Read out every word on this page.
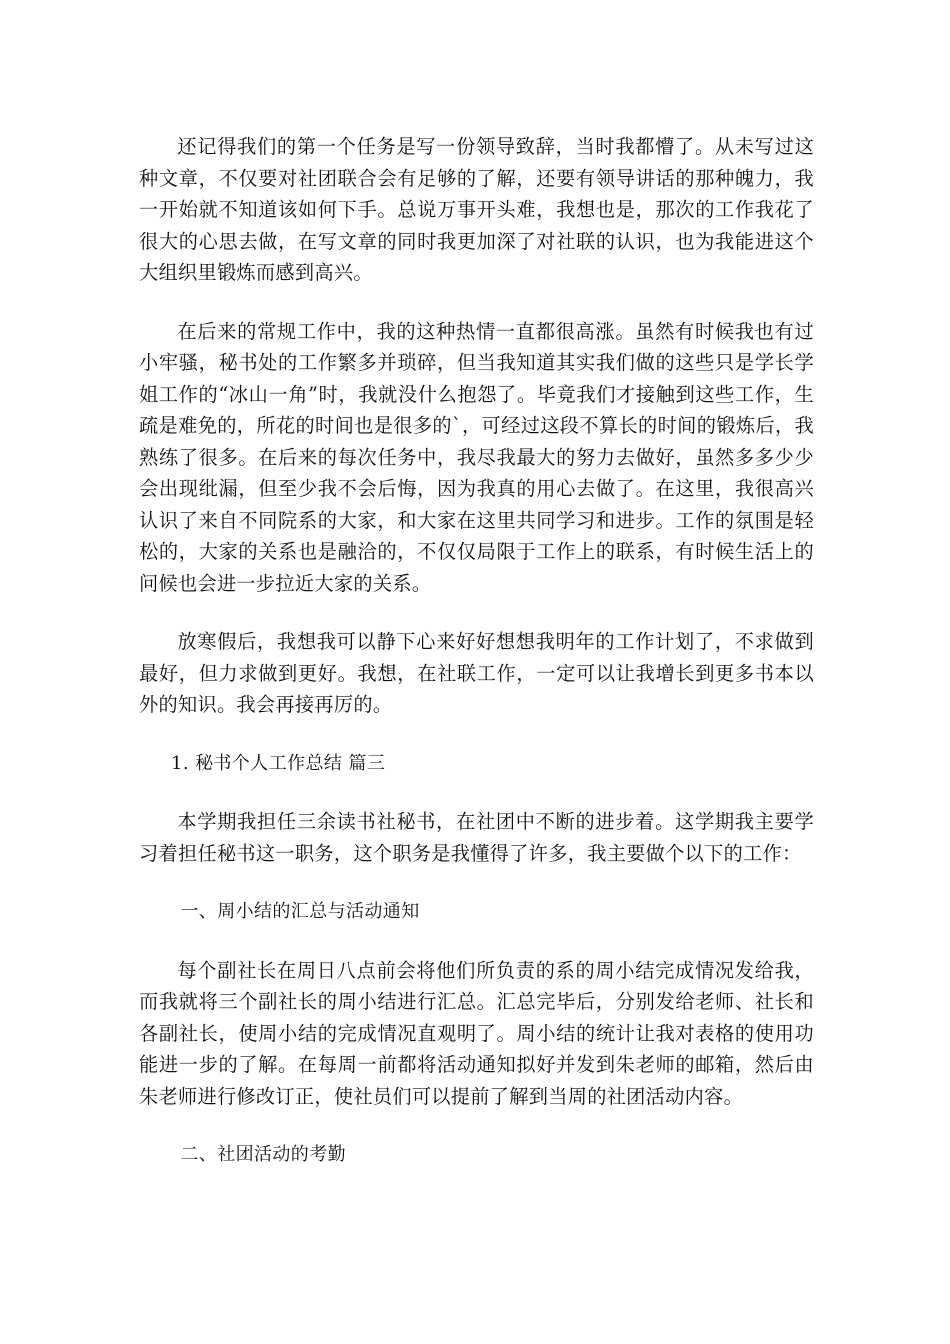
还记得我们的第一个任务是写一份领导致辞，当时我都懵了。从未写过这种文章，不仅要对社团联合会有足够的了解，还要有领导讲话的那种魄力，我一开始就不知道该如何下手。总说万事开头难，我想也是，那次的工作我花了很大的心思去做，在写文章的同时我更加深了对社联的认识，也为我能进这个大组织里锻炼而感到高兴。

在后来的常规工作中，我的这种热情一直都很高涨。虽然有时候我也有过小牢骚，秘书处的工作繁多并琐碎，但当我知道其实我们做的这些只是学长学姐工作的“冰山一角”时，我就没什么抱怨了。毕竟我们才接触到这些工作，生疏是难免的，所花的时间也是很多的`，可经过这段不算长的时间的锻炼后，我熟练了很多。在后来的每次任务中，我尽我最大的努力去做好，虽然多多少少会出现纰漏，但至少我不会后悔，因为我真的用心去做了。在这里，我很高兴认识了来自不同院系的大家，和大家在这里共同学习和进步。工作的氛围是轻松的，大家的关系也是融洽的，不仅仅局限于工作上的联系，有时候生活上的问候也会进一步拉近大家的关系。

放寒假后，我想我可以静下心来好好想想我明年的工作计划了，不求做到最好，但力求做到更好。我想，在社联工作，一定可以让我增长到更多书本以外的知识。我会再接再厉的。

1. 秘书个人工作总结 篇三

本学期我担任三余读书社秘书，在社团中不断的进步着。这学期我主要学习着担任秘书这一职务，这个职务是我懂得了许多，我主要做个以下的工作：

一、周小结的汇总与活动通知

每个副社长在周日八点前会将他们所负责的系的周小结完成情况发给我，而我就将三个副社长的周小结进行汇总。汇总完毕后，分别发给老师、社长和各副社长，使周小结的完成情况直观明了。周小结的统计让我对表格的使用功能进一步的了解。在每周一前都将活动通知拟好并发到朱老师的邮箱，然后由朱老师进行修改订正，使社员们可以提前了解到当周的社团活动内容。

二、社团活动的考勤
